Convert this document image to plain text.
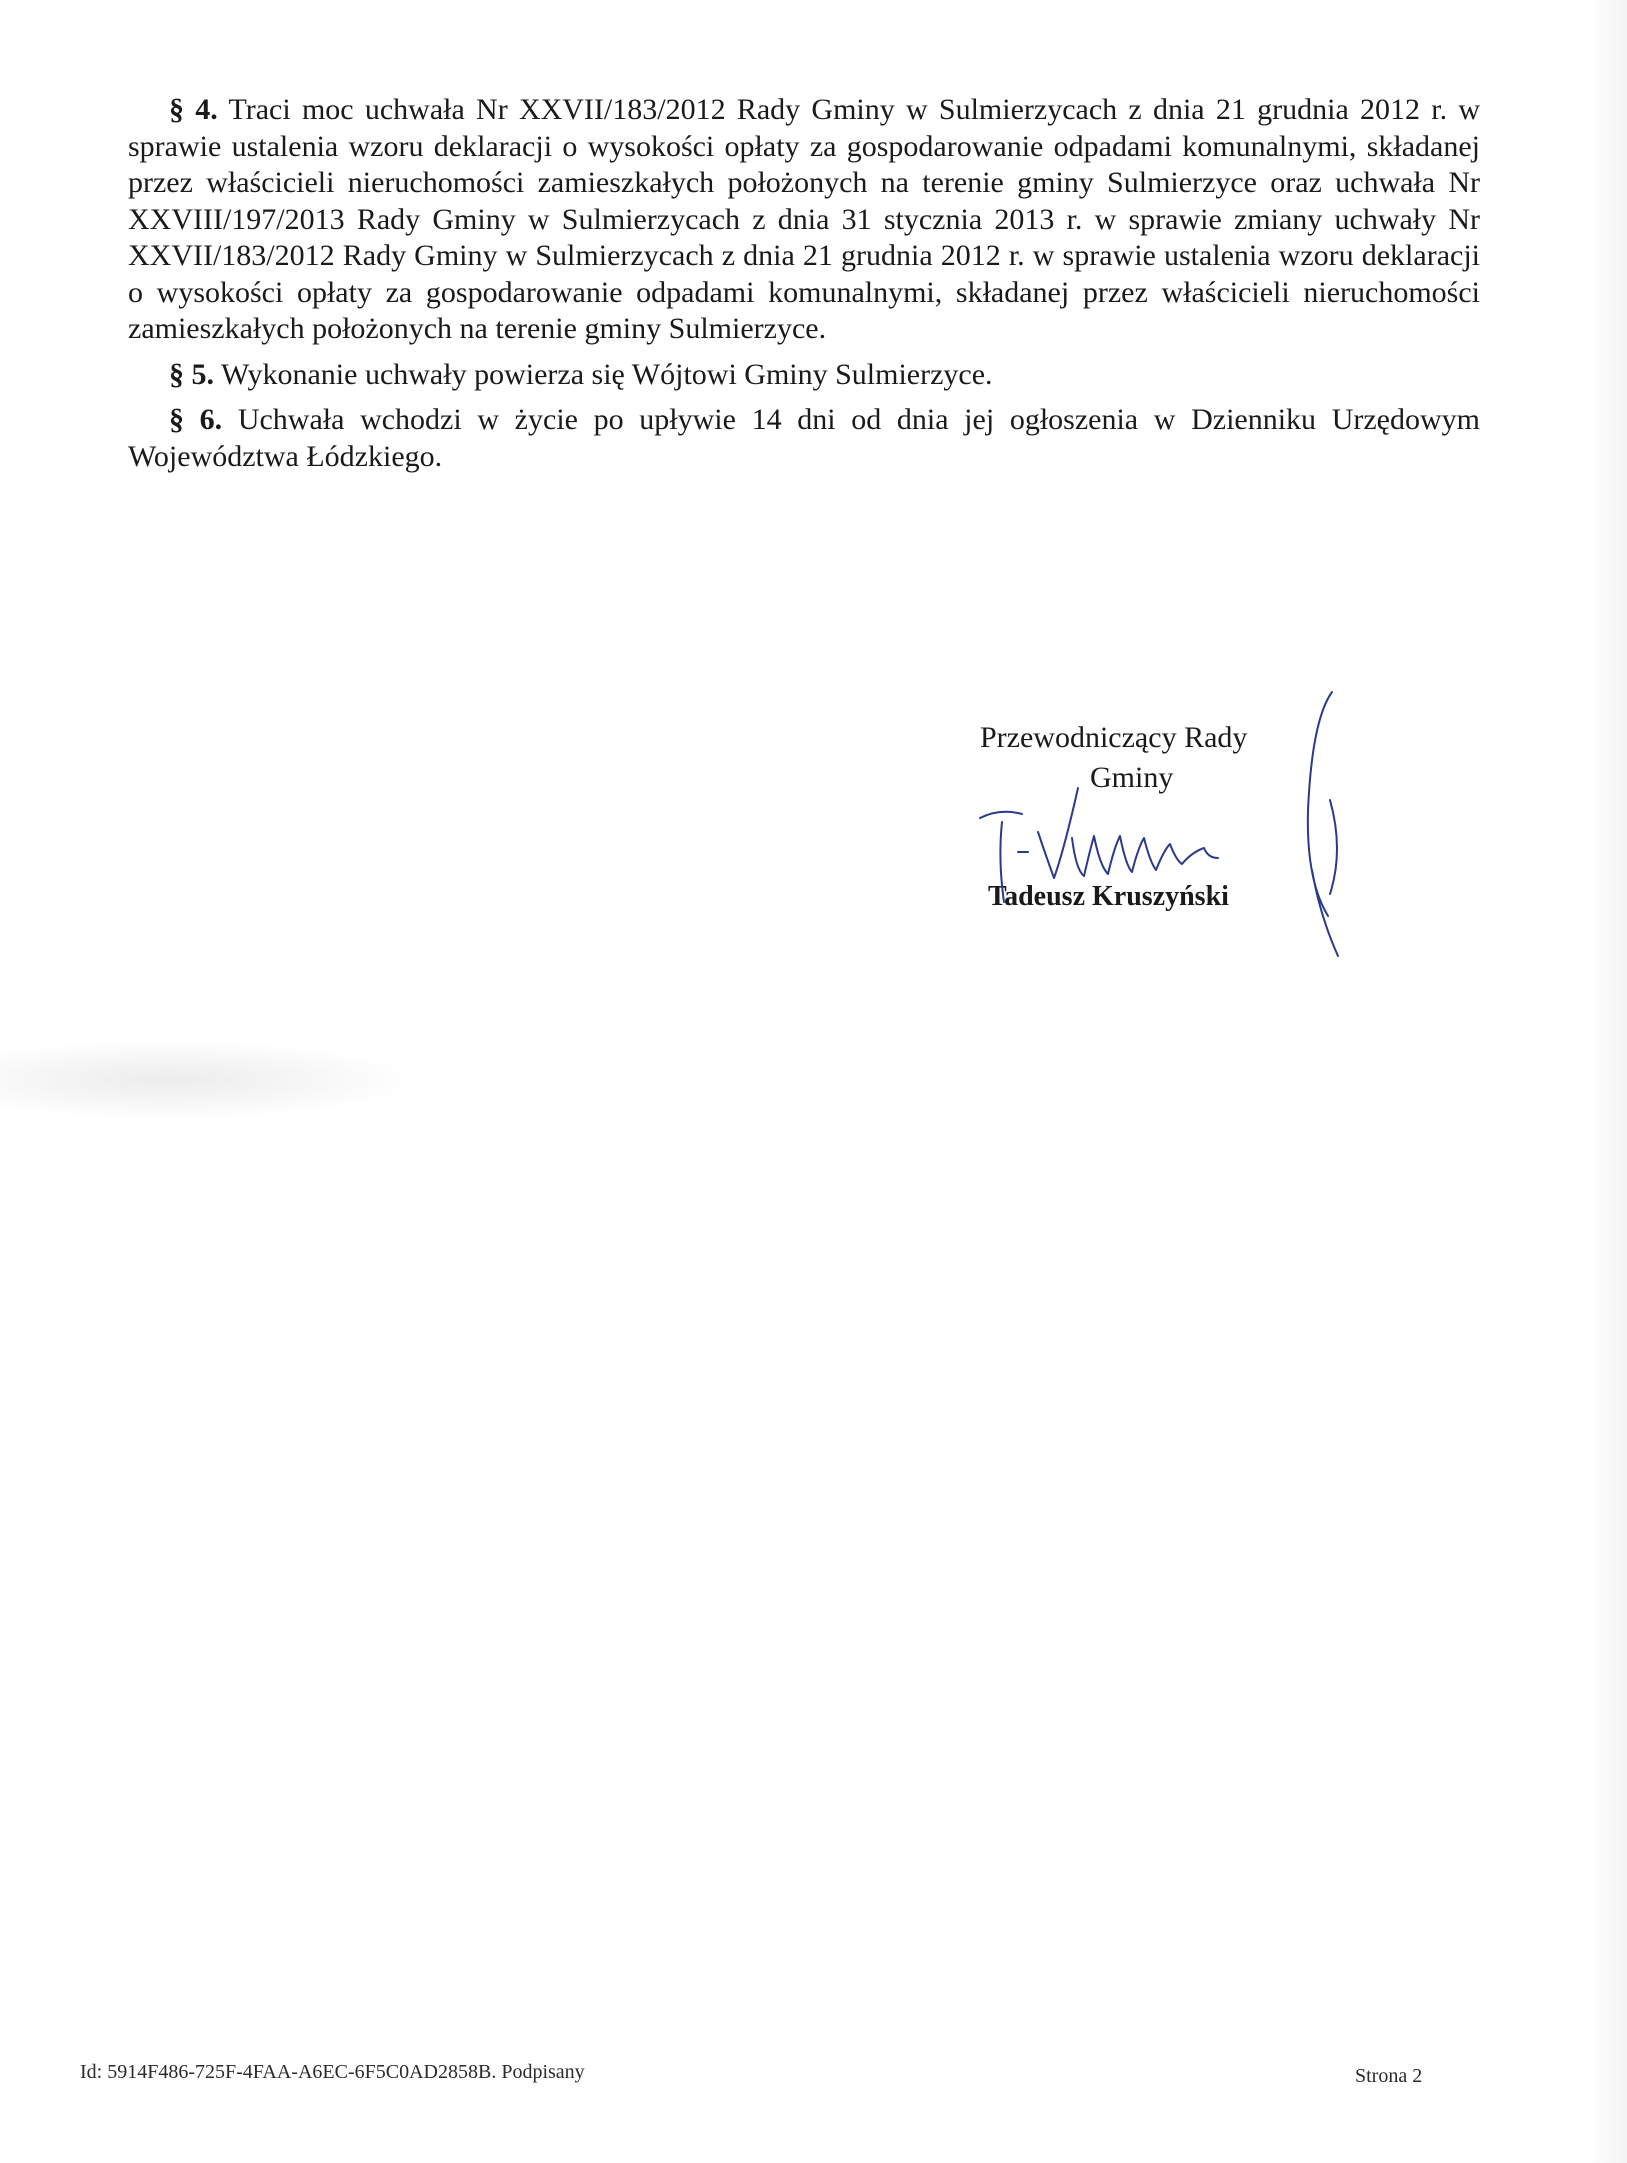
§ 4. Traci moc uchwała Nr XXVII/183/2012 Rady Gminy w Sulmierzycach z dnia 21 grudnia 2012 r. w sprawie ustalenia wzoru deklaracji o wysokości opłaty za gospodarowanie odpadami komunalnymi, składanej przez właścicieli nieruchomości zamieszkałych położonych na terenie gminy Sulmierzyce oraz uchwała Nr XXVIII/197/2013 Rady Gminy w Sulmierzycach z dnia 31 stycznia 2013 r. w sprawie zmiany uchwały Nr XXVII/183/2012 Rady Gminy w Sulmierzycach z dnia 21 grudnia 2012 r. w sprawie ustalenia wzoru deklaracji o wysokości opłaty za gospodarowanie odpadami komunalnymi, składanej przez właścicieli nieruchomości zamieszkałych położonych na terenie gminy Sulmierzyce.

§ 5. Wykonanie uchwały powierza się Wójtowi Gminy Sulmierzyce.

§ 6. Uchwała wchodzi w życie po upływie 14 dni od dnia jej ogłoszenia w Dzienniku Urzędowym Województwa Łódzkiego.

Przewodniczący Rady
Gminy
Tadeusz Kruszyński
Id: 5914F486-725F-4FAA-A6EC-6F5C0AD2858B. Podpisany	Strona 2
